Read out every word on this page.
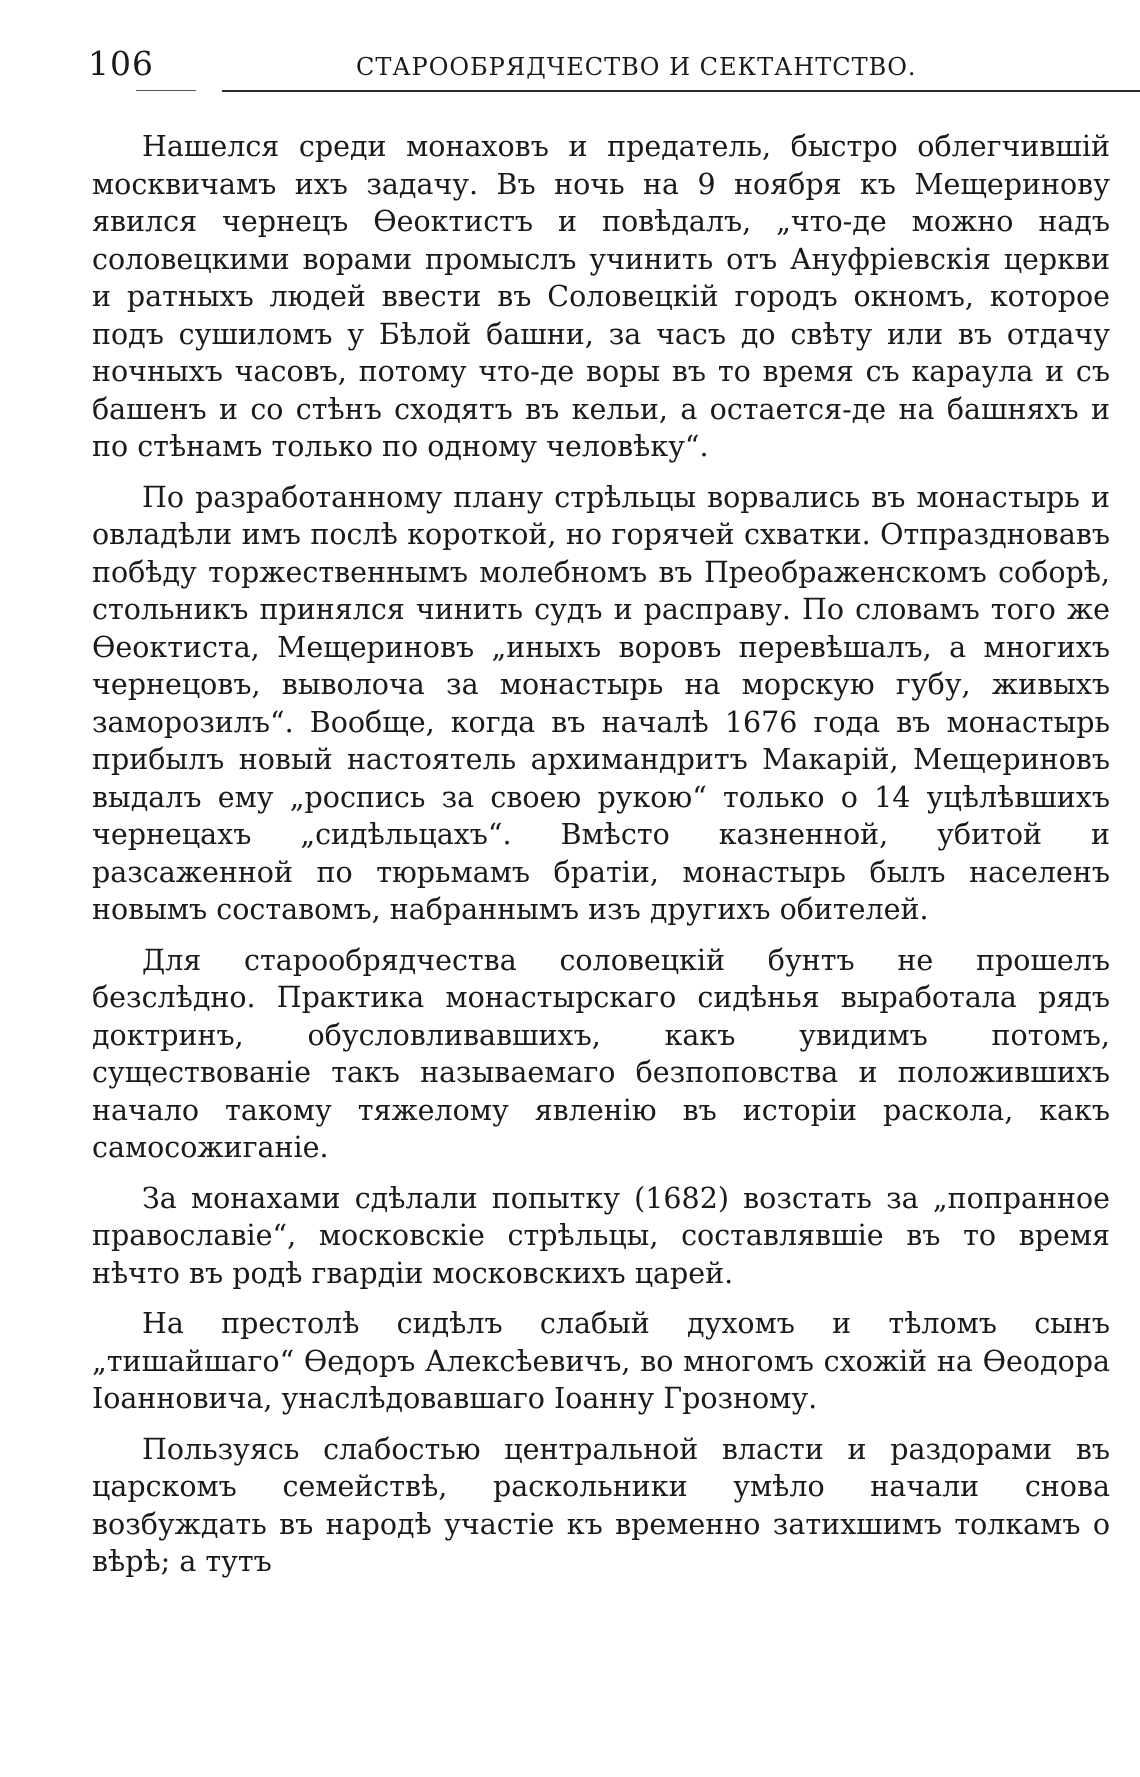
106	СТАРООБРЯДЧЕСТВО И СЕКТАНТСТВО.

Нашелся среди монаховъ и предатель, быстро облегчившій москвичамъ ихъ задачу. Въ ночь на 9 ноября къ Мещеринову явился чернецъ Өеоктистъ и повѣдалъ, „что-де можно надъ соловецкими ворами промыслъ учинить отъ Ануфріевскія церкви и ратныхъ людей ввести въ Соловецкій городъ окномъ, которое подъ сушиломъ у Бѣлой башни, за часъ до свѣту или въ отдачу ночныхъ часовъ, потому что-де воры въ то время съ караула и съ башенъ и со стѣнъ сходятъ въ кельи, а остается-де на башняхъ и по стѣнамъ только по одному человѣку“.

По разработанному плану стрѣльцы ворвались въ монастырь и овладѣли имъ послѣ короткой, но горячей схватки. Отпраздновавъ побѣду торжественнымъ молебномъ въ Преображенскомъ соборѣ, стольникъ принялся чинить судъ и расправу. По словамъ того же Өеоктиста, Мещериновъ „иныхъ воровъ перевѣшалъ, а многихъ чернецовъ, выволоча за монастырь на морскую губу, живыхъ заморозилъ“. Вообще, когда въ началѣ 1676 года въ монастырь прибылъ новый настоятель архимандритъ Макарій, Мещериновъ выдалъ ему „роспись за своею рукою“ только о 14 уцѣлѣвшихъ чернецахъ „сидѣльцахъ“. Вмѣсто казненной, убитой и разсаженной по тюрьмамъ братіи, монастырь былъ населенъ новымъ составомъ, набраннымъ изъ другихъ обителей.

Для старообрядчества соловецкій бунтъ не прошелъ безслѣдно. Практика монастырскаго сидѣнья выработала рядъ доктринъ, обусловливавшихъ, какъ увидимъ потомъ, существованіе такъ называемаго безпоповства и положившихъ начало такому тяжелому явленію въ исторіи раскола, какъ самосожиганіе.

За монахами сдѣлали попытку (1682) возстать за „попранное православіе“, московскіе стрѣльцы, составлявшіе въ то время нѣчто въ родѣ гвардіи московскихъ царей.

На престолѣ сидѣлъ слабый духомъ и тѣломъ сынъ „тишайшаго“ Өедоръ Алексѣевичъ, во многомъ схожій на Өеодора Іоанновича, унаслѣдовавшаго Іоанну Грозному.

Пользуясь слабостью центральной власти и раздорами въ царскомъ семействѣ, раскольники умѣло начали снова возбуждать въ народѣ участіе къ временно затихшимъ толкамъ о вѣрѣ; а тутъ
